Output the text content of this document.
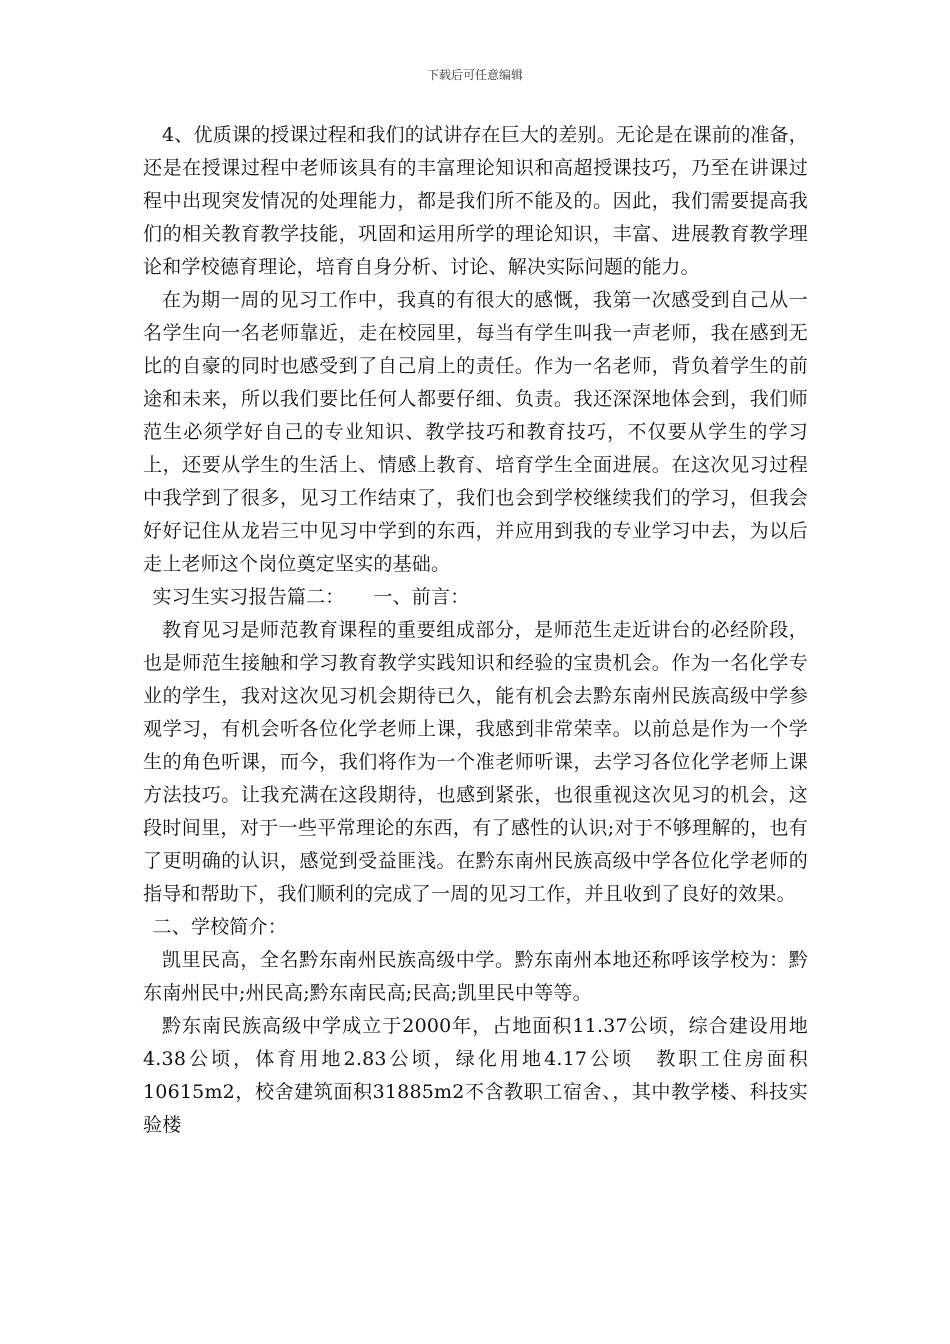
下载后可任意编辑

4、优质课的授课过程和我们的试讲存在巨大的差别。无论是在课前的准备，还是在授课过程中老师该具有的丰富理论知识和高超授课技巧，乃至在讲课过程中出现突发情况的处理能力，都是我们所不能及的。因此，我们需要提高我们的相关教育教学技能，巩固和运用所学的理论知识，丰富、进展教育教学理论和学校德育理论，培育自身分析、讨论、解决实际问题的能力。

在为期一周的见习工作中，我真的有很大的感慨，我第一次感受到自己从一名学生向一名老师靠近，走在校园里，每当有学生叫我一声老师，我在感到无比的自豪的同时也感受到了自己肩上的责任。作为一名老师，背负着学生的前途和未来，所以我们要比任何人都要仔细、负责。我还深深地体会到，我们师范生必须学好自己的专业知识、教学技巧和教育技巧，不仅要从学生的学习上，还要从学生的生活上、情感上教育、培育学生全面进展。在这次见习过程中我学到了很多，见习工作结束了，我们也会到学校继续我们的学习，但我会好好记住从龙岩三中见习中学到的东西，并应用到我的专业学习中去，为以后走上老师这个岗位奠定坚实的基础。

实习生实习报告篇二：　　一、前言：

教育见习是师范教育课程的重要组成部分，是师范生走近讲台的必经阶段，也是师范生接触和学习教育教学实践知识和经验的宝贵机会。作为一名化学专业的学生，我对这次见习机会期待已久，能有机会去黔东南州民族高级中学参观学习，有机会听各位化学老师上课，我感到非常荣幸。以前总是作为一个学生的角色听课，而今，我们将作为一个准老师听课，去学习各位化学老师上课方法技巧。让我充满在这段期待，也感到紧张，也很重视这次见习的机会，这段时间里，对于一些平常理论的东西，有了感性的认识;对于不够理解的，也有了更明确的认识，感觉到受益匪浅。在黔东南州民族高级中学各位化学老师的指导和帮助下，我们顺利的完成了一周的见习工作，并且收到了良好的效果。

二、学校简介：

凯里民高，全名黔东南州民族高级中学。黔东南州本地还称呼该学校为：黔东南州民中;州民高;黔东南民高;民高;凯里民中等等。

黔东南民族高级中学成立于2000年，占地面积11.37公顷，综合建设用地4.38公顷，体育用地2.83公顷，绿化用地4.17公顷　教职工住房面积10615m2，校舍建筑面积31885m2不含教职工宿舍、，其中教学楼、科技实验楼
